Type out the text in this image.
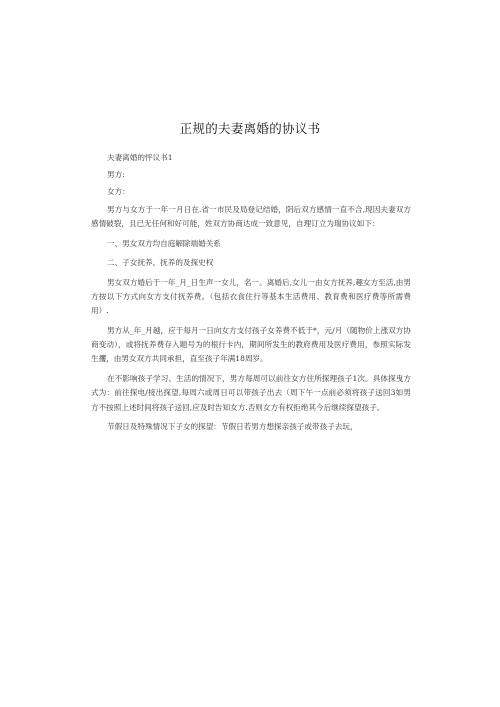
正规的夫妻离婚的协议书

夫妻离婚的怦议书1

男方:

女方：

男方与女方于一年一月日在.省一市民及局登记结婚，阴后双方感情一直不合,现因夫妻双方感情破裂，且已无任何和好可能，姓双方协商达成一致意见，自理订立为瑞协议如下：

一、男女双方均自庭解除端婚关系

二、子女抚养、抚养的及探史权

男女双方婚后于一年_月_日生声一女儿，名一。离婚后,女儿一由女方抚养,趣女方至活,由男方按以下方式向女方支付抚养费。（包括衣食住行等基本生活费用、教育费和医疗费等所需费用）.

男方从_年_月越，应于每月一日向女方支付孩子女养费不低于*，元/月（随物价上涨双方协商变动），或将抚养费存入题号为的根行卡内，期间所发生的教府费用及医疗费用，参照实际发生攫，由男女双方共同承担，直至孩子年满18周岁。

在不影响孩子学习、生活的情况下，男方每周可以前往女方住所探理孩子1次。具体探曳方式为：前往探电/接出探望,每周六或周日可以带孩子出去（周下午一点前必须将孩子送回3如男方不按照上述时间将孩子送回,应及时告知女方.否则女方有权拒绝其今后继续探望孩子。

节假日及特殊情况下子女的探望：节假日若男方想探亲孩子或带孩子去玩，
